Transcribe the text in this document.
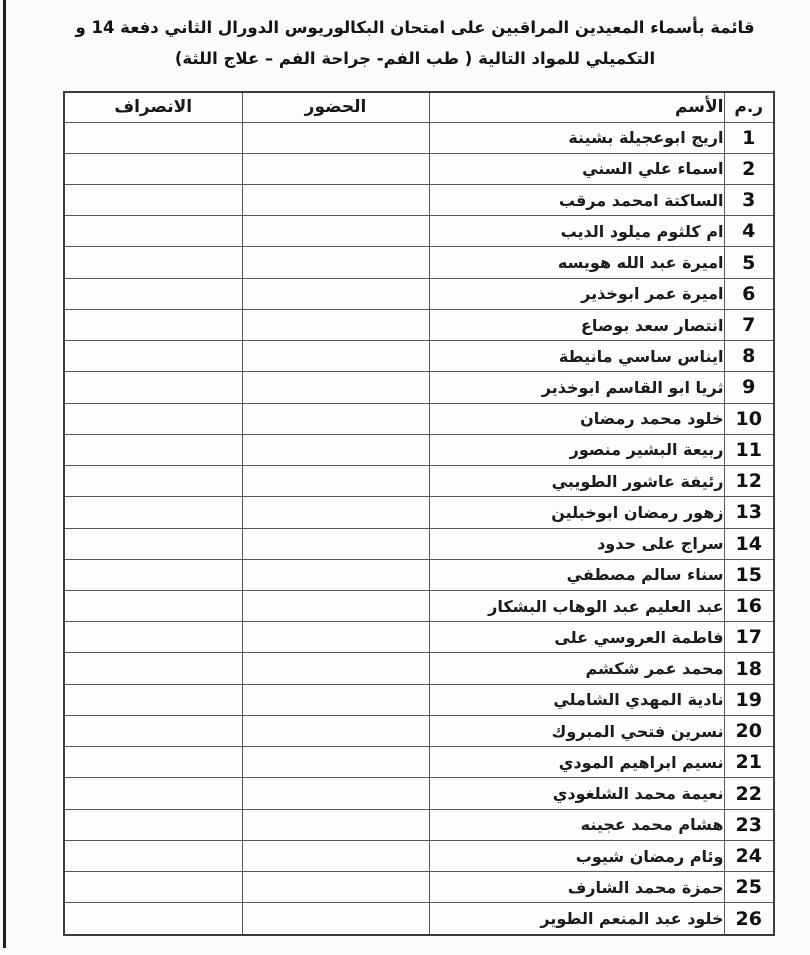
قائمة بأسماء المعيدين المراقبين على امتحان البكالوريوس الدورال الثاني دفعة 14 و
التكميلي للمواد التالية ( طب الفم- جراحة الفم – علاج اللثة)
ر.م	الأسم	الحضور	الانصراف
1	اريج ابوعجيلة بشينة		
2	اسماء علي السني		
3	الساكتة امحمد مرقب		
4	ام كلثوم ميلود الديب		
5	اميرة عبد الله هويسه		
6	اميرة عمر ابوخذير		
7	انتصار سعد بوصاع		
8	ايناس ساسي مانيطة		
9	ثريا ابو القاسم ابوخذير		
10	خلود محمد رمضان		
11	ربيعة البشير منصور		
12	رئيفة عاشور الطويبي		
13	زهور رمضان ابوخبلين		
14	سراج على حدود		
15	سناء سالم مصطفي		
16	عبد العليم عبد الوهاب البشكار		
17	فاطمة العروسي على		
18	محمد عمر شكشم		
19	نادية المهدي الشاملي		
20	نسرين فتحي المبروك		
21	نسيم ابراهيم المودي		
22	نعيمة محمد الشلغودي		
23	هشام محمد عجينه		
24	وئام رمضان شيوب		
25	حمزة محمد الشارف		
26	خلود عبد المنعم الطوير		
